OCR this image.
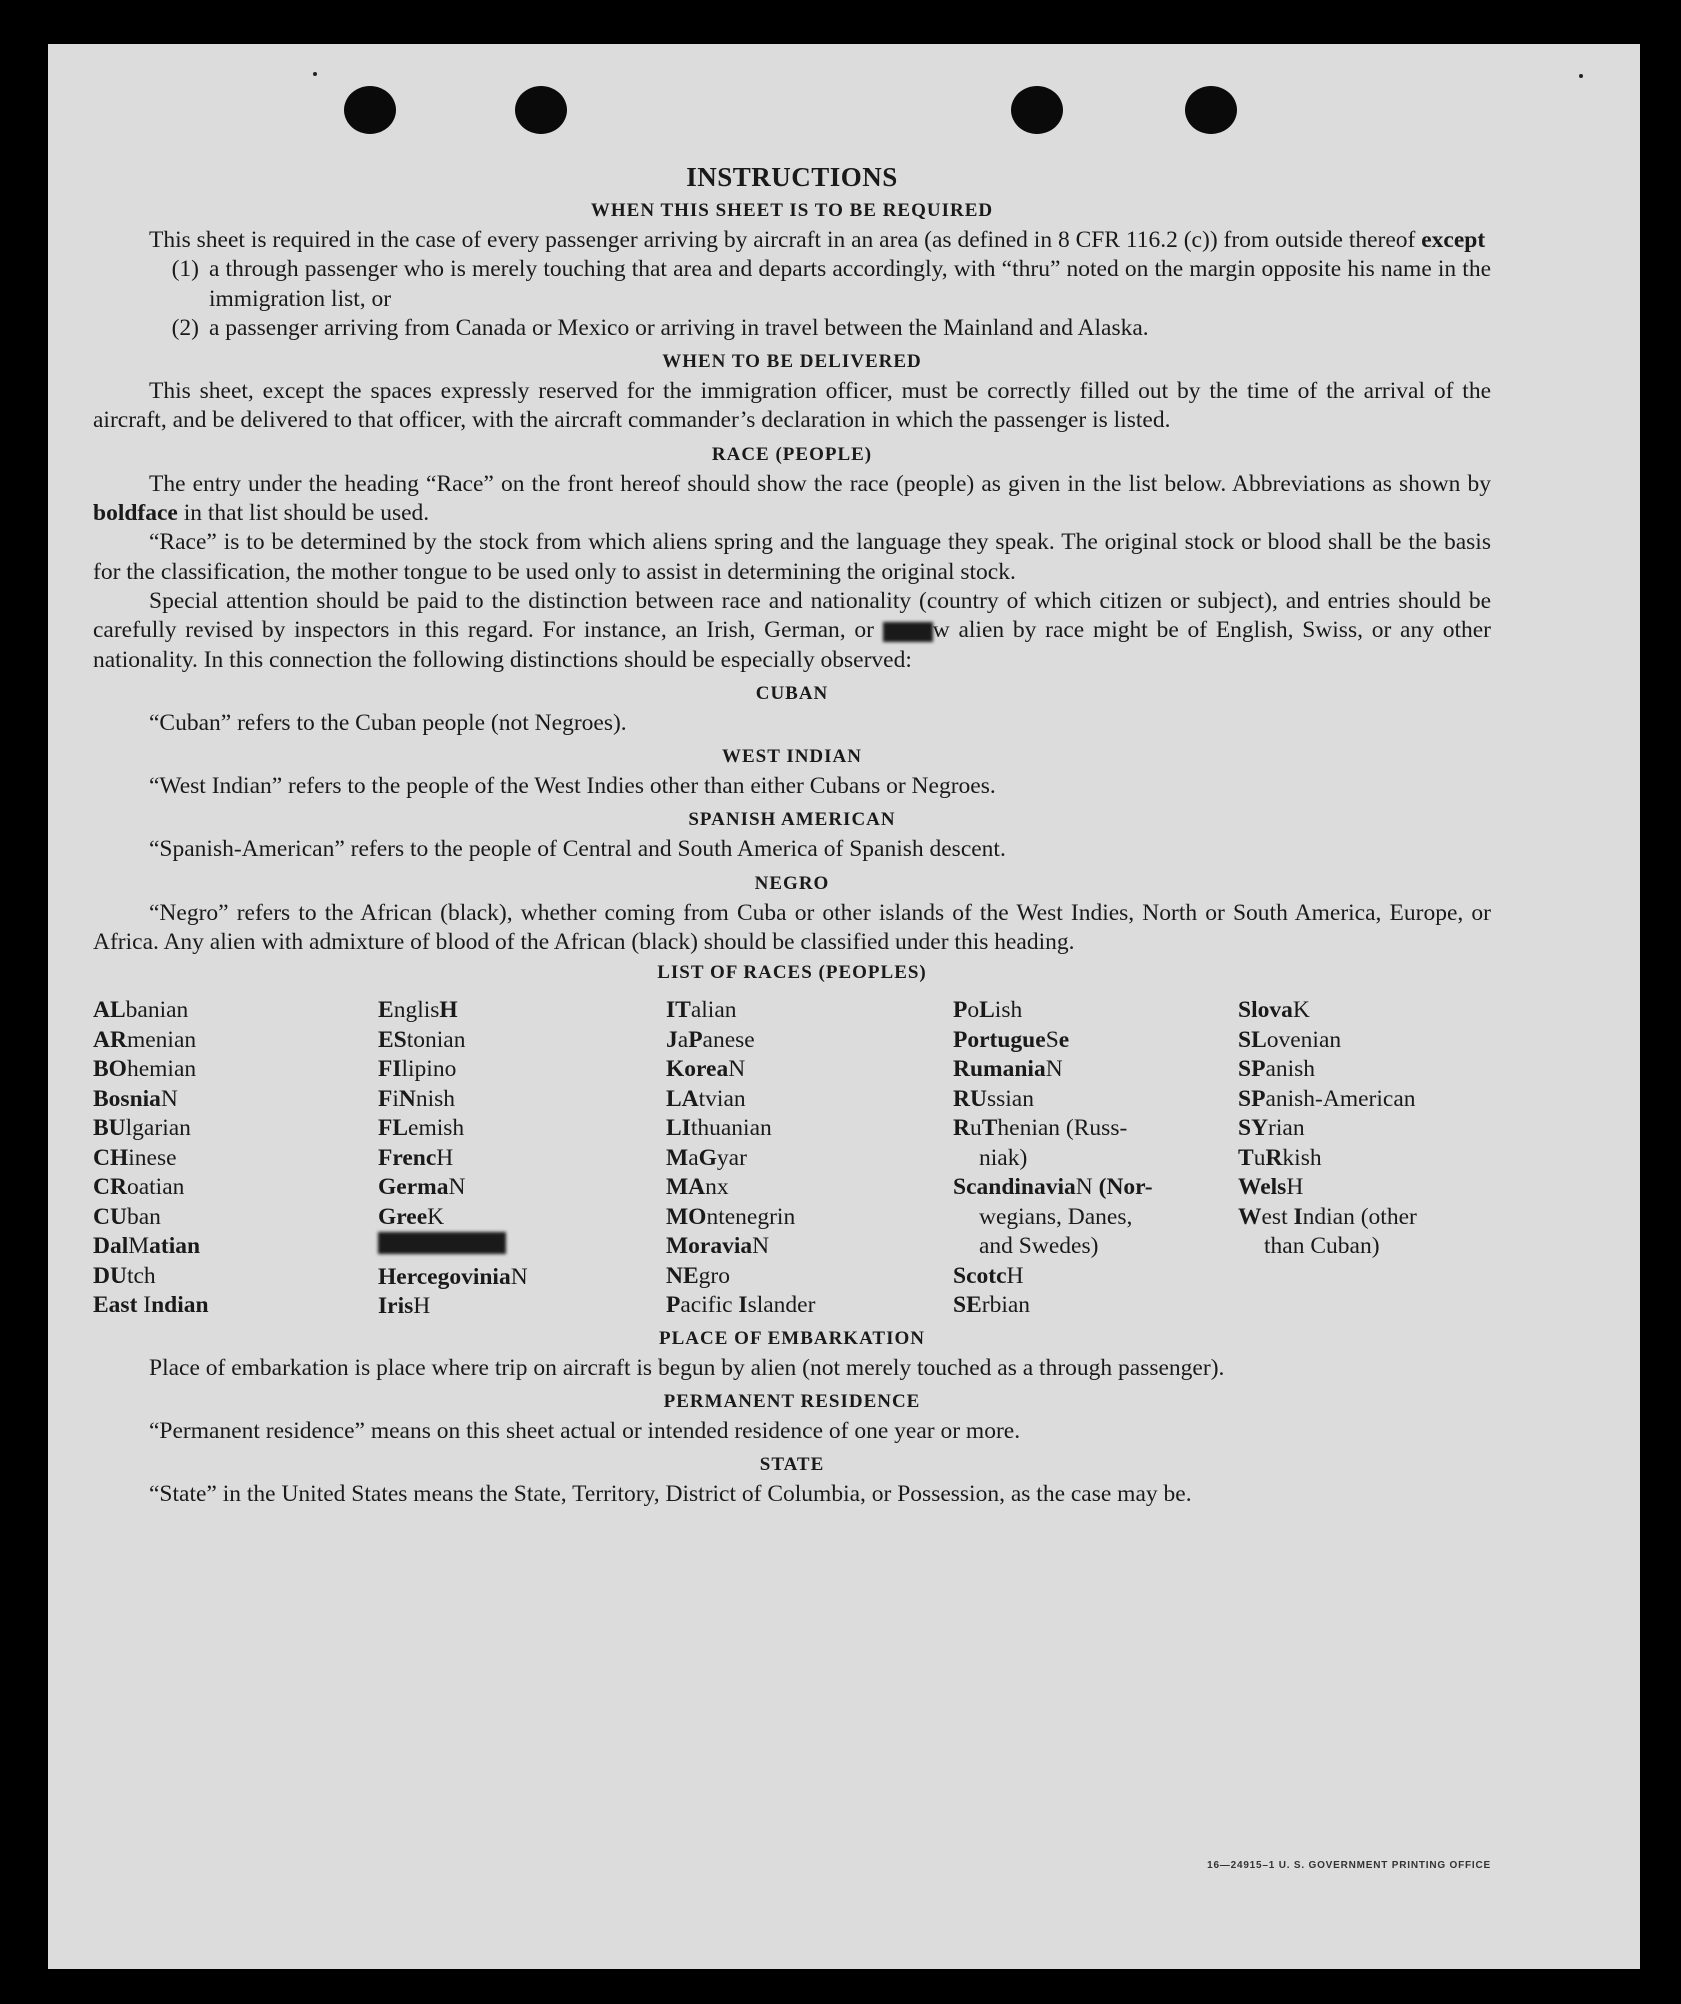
INSTRUCTIONS
WHEN THIS SHEET IS TO BE REQUIRED

This sheet is required in the case of every passenger arriving by aircraft in an area (as defined in 8 CFR 116.2 (c)) from outside thereof except

(1) a through passenger who is merely touching that area and departs accordingly, with “thru” noted on the margin opposite his name in the immigration list, or
(2) a passenger arriving from Canada or Mexico or arriving in travel between the Mainland and Alaska.
WHEN TO BE DELIVERED

This sheet, except the spaces expressly reserved for the immigration officer, must be correctly filled out by the time of the arrival of the aircraft, and be delivered to that officer, with the aircraft commander’s declaration in which the passenger is listed.

RACE (PEOPLE)

The entry under the heading “Race” on the front hereof should show the race (people) as given in the list below. Abbreviations as shown by boldface in that list should be used.

“Race” is to be determined by the stock from which aliens spring and the language they speak. The original stock or blood shall be the basis for the classification, the mother tongue to be used only to assist in determining the original stock.

Special attention should be paid to the distinction between race and nationality (country of which citizen or subject), and entries should be carefully revised by inspectors in this regard. For instance, an Irish, German, or	w alien by race might be of English, Swiss, or any other nationality. In this connection the following distinctions should be especially observed:

CUBAN

“Cuban” refers to the Cuban people (not Negroes).

WEST INDIAN

“West Indian” refers to the people of the West Indies other than either Cubans or Negroes.

SPANISH AMERICAN

“Spanish-American” refers to the people of Central and South America of Spanish descent.

NEGRO

“Negro” refers to the African (black), whether coming from Cuba or other islands of the West Indies, North or South America, Europe, or Africa. Any alien with admixture of blood of the African (black) should be classified under this heading.

LIST OF RACES (PEOPLES)
ALbanian
ARmenian
BOhemian
BosniaN
BUlgarian
CHinese
CRoatian
CUban
DalMatian
DUtch
East Indian
EnglisH
EStonian
FIlipino
FiNnish
FLemish
FrencH
GermaN
GreeK
HercegoviniaN
IrisH
ITalian
JaPanese
KoreaN
LAtvian
LIthuanian
MaGyar
MAnx
MOntenegrin
MoraviaN
NEgro
Pacific Islander
PoLish
PortugueSe
RumaniaN
RUssian
RuThenian (Russ-
niak)
ScandinaviaN (Nor-
wegians, Danes,
and Swedes)
ScotcH
SErbian
SlovaK
SLovenian
SPanish
SPanish-American
SYrian
TuRkish
WelsH
West Indian (other
than Cuban)
PLACE OF EMBARKATION

Place of embarkation is place where trip on aircraft is begun by alien (not merely touched as a through passenger).

PERMANENT RESIDENCE

“Permanent residence” means on this sheet actual or intended residence of one year or more.

STATE

“State” in the United States means the State, Territory, District of Columbia, or Possession, as the case may be.

16—24915–1 U. S. GOVERNMENT PRINTING OFFICE
